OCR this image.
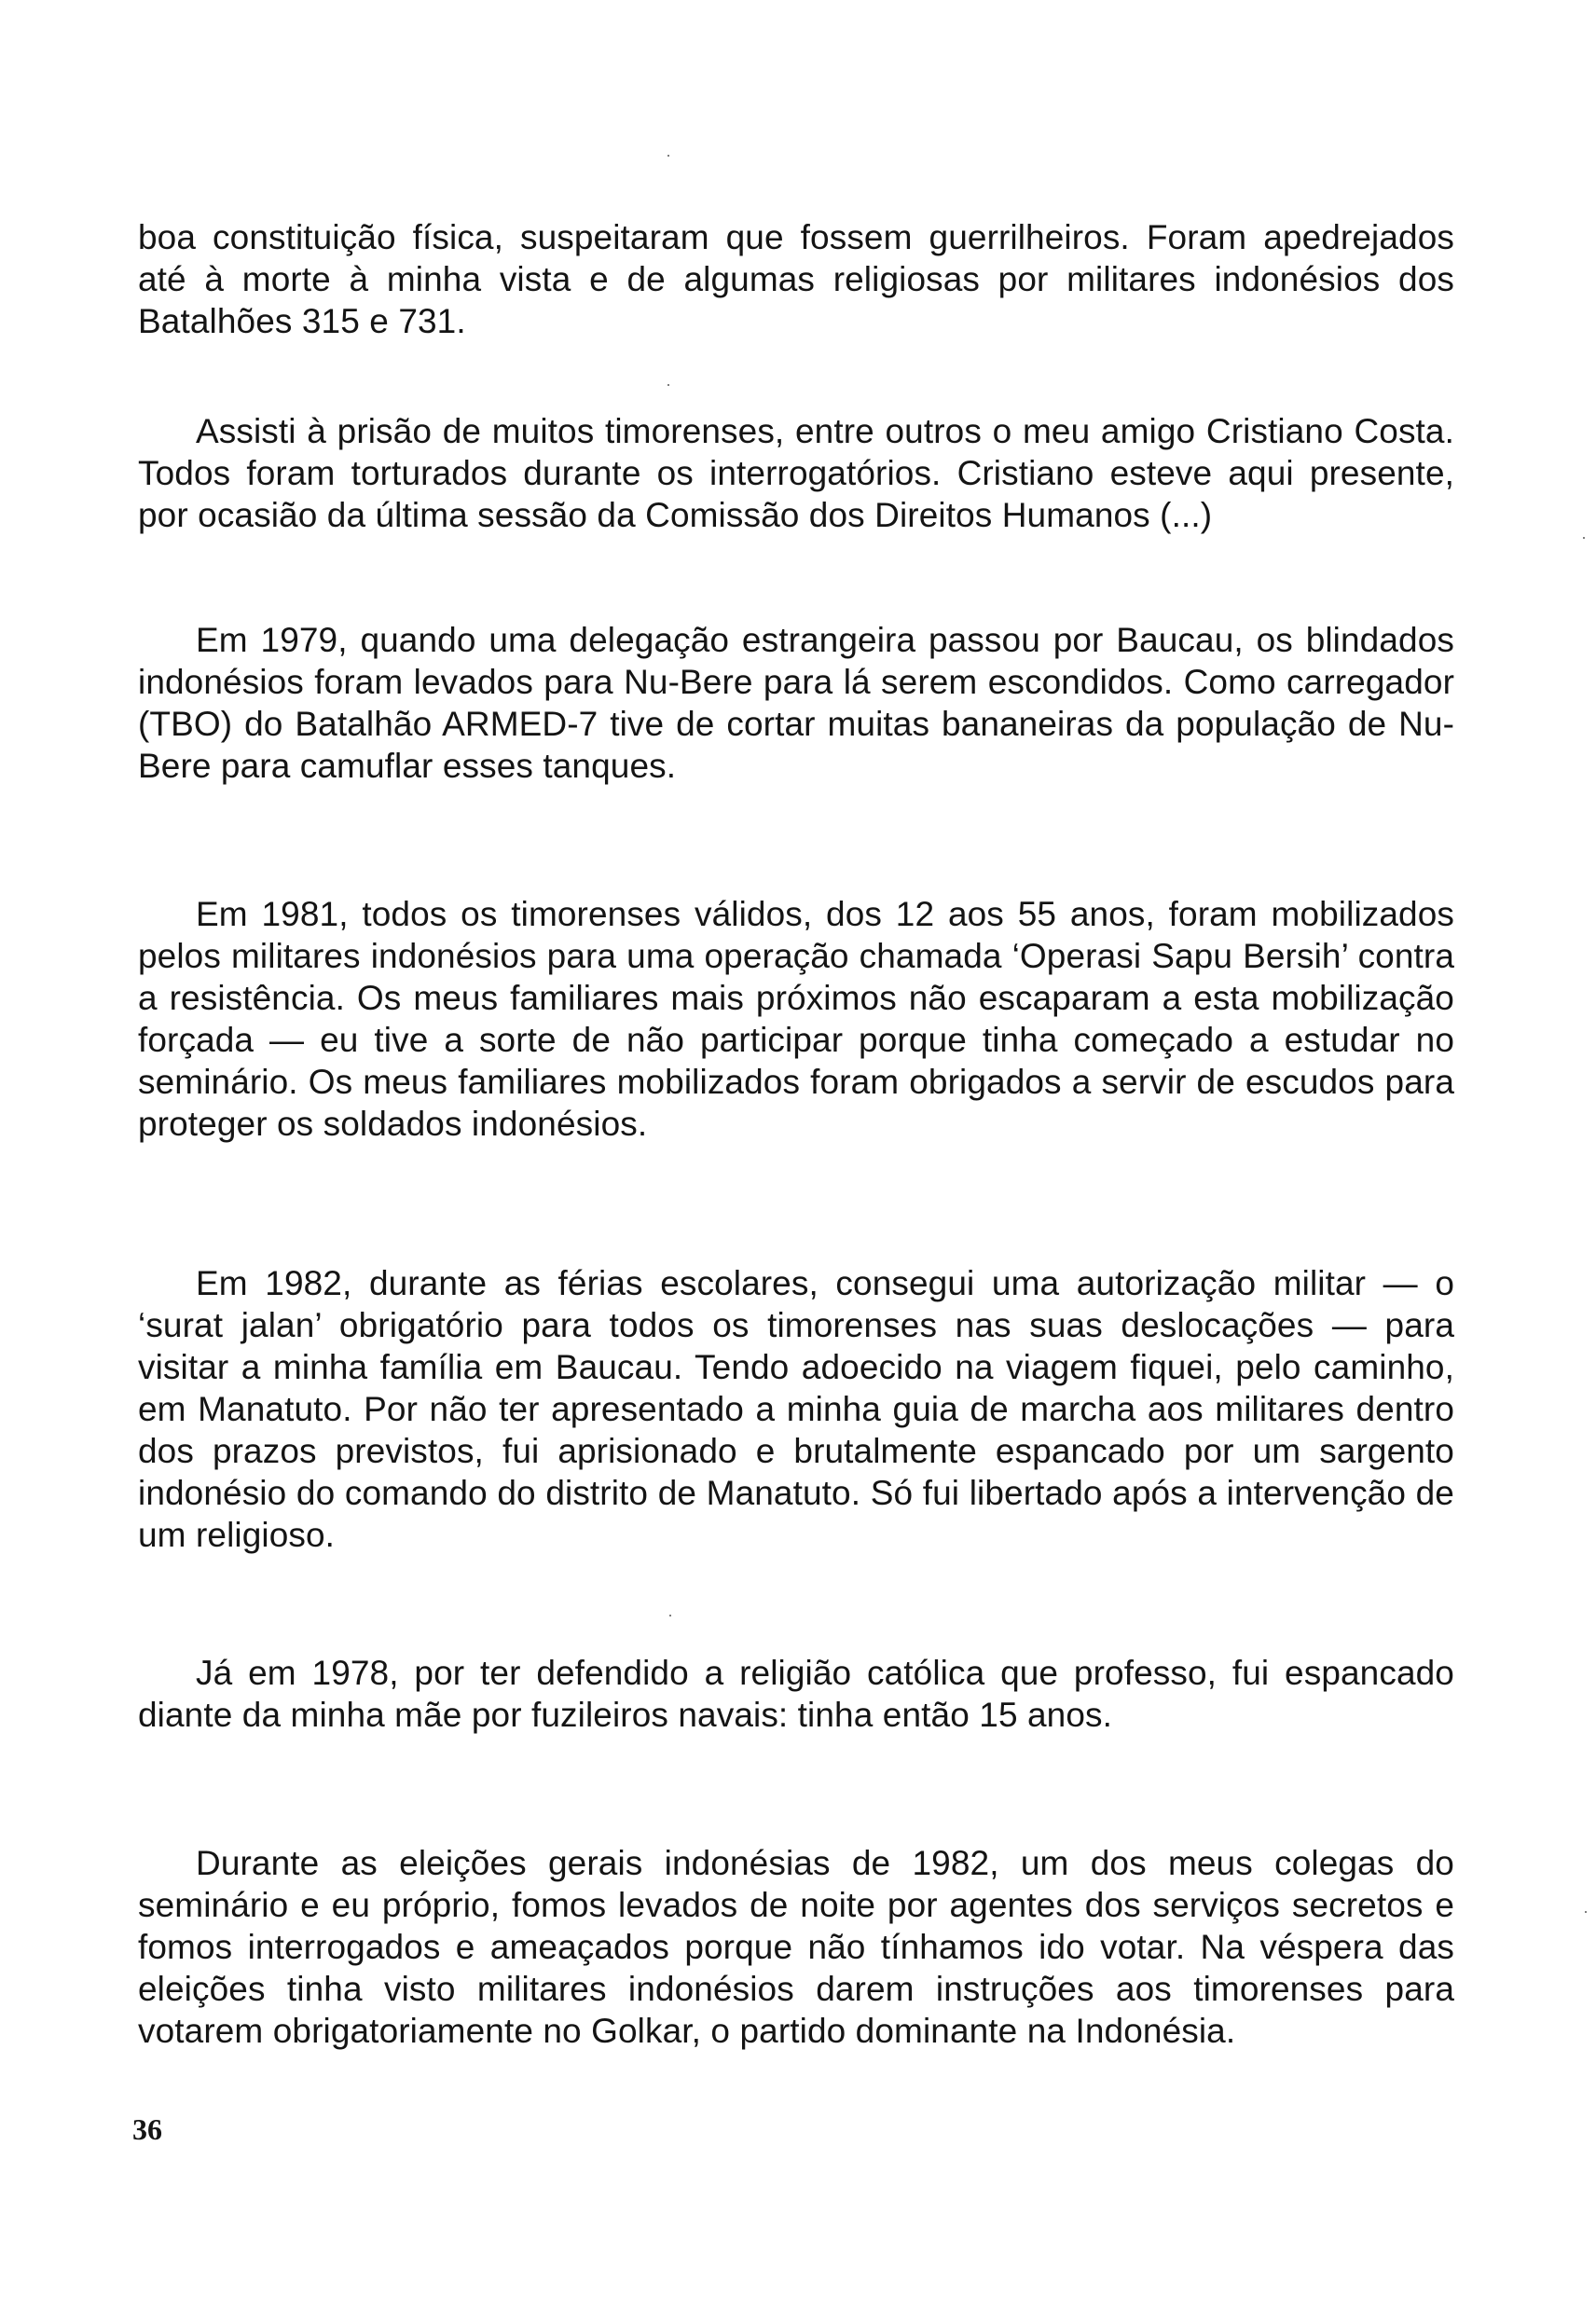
boa constituição física, suspeitaram que fossem guerrilheiros. Foram apedrejados até à morte à minha vista e de algumas religiosas por militares indonésios dos Batalhões 315 e 731.

Assisti à prisão de muitos timorenses, entre outros o meu amigo Cristiano Costa. Todos foram torturados durante os interrogatórios. Cristiano esteve aqui presente, por ocasião da última sessão da Comissão dos Direitos Humanos (...)

Em 1979, quando uma delegação estrangeira passou por Baucau, os blindados indonésios foram levados para Nu-Bere para lá serem escondidos. Como carregador (TBO) do Batalhão ARMED-7 tive de cortar muitas bananeiras da população de Nu-Bere para camuflar esses tanques.

Em 1981, todos os timorenses válidos, dos 12 aos 55 anos, foram mobilizados pelos militares indonésios para uma operação chamada ‘Operasi Sapu Bersih’ contra a resistência. Os meus familiares mais próximos não escaparam a esta mobilização forçada — eu tive a sorte de não participar porque tinha começado a estudar no seminário. Os meus familiares mobilizados foram obrigados a servir de escudos para proteger os soldados indonésios.

Em 1982, durante as férias escolares, consegui uma autorização militar — o ‘surat jalan’ obrigatório para todos os timorenses nas suas deslocações — para visitar a minha família em Baucau. Tendo adoecido na viagem fiquei, pelo caminho, em Manatuto. Por não ter apresentado a minha guia de marcha aos militares dentro dos prazos previstos, fui aprisionado e brutalmente espancado por um sargento indonésio do comando do distrito de Manatuto. Só fui libertado após a intervenção de um religioso.

Já em 1978, por ter defendido a religião católica que professo, fui espancado diante da minha mãe por fuzileiros navais: tinha então 15 anos.

Durante as eleições gerais indonésias de 1982, um dos meus colegas do seminário e eu próprio, fomos levados de noite por agentes dos serviços secretos e fomos interrogados e ameaçados porque não tínhamos ido votar. Na véspera das eleições tinha visto militares indonésios darem instruções aos timorenses para votarem obrigatoriamente no Golkar, o partido dominante na Indonésia.

36
